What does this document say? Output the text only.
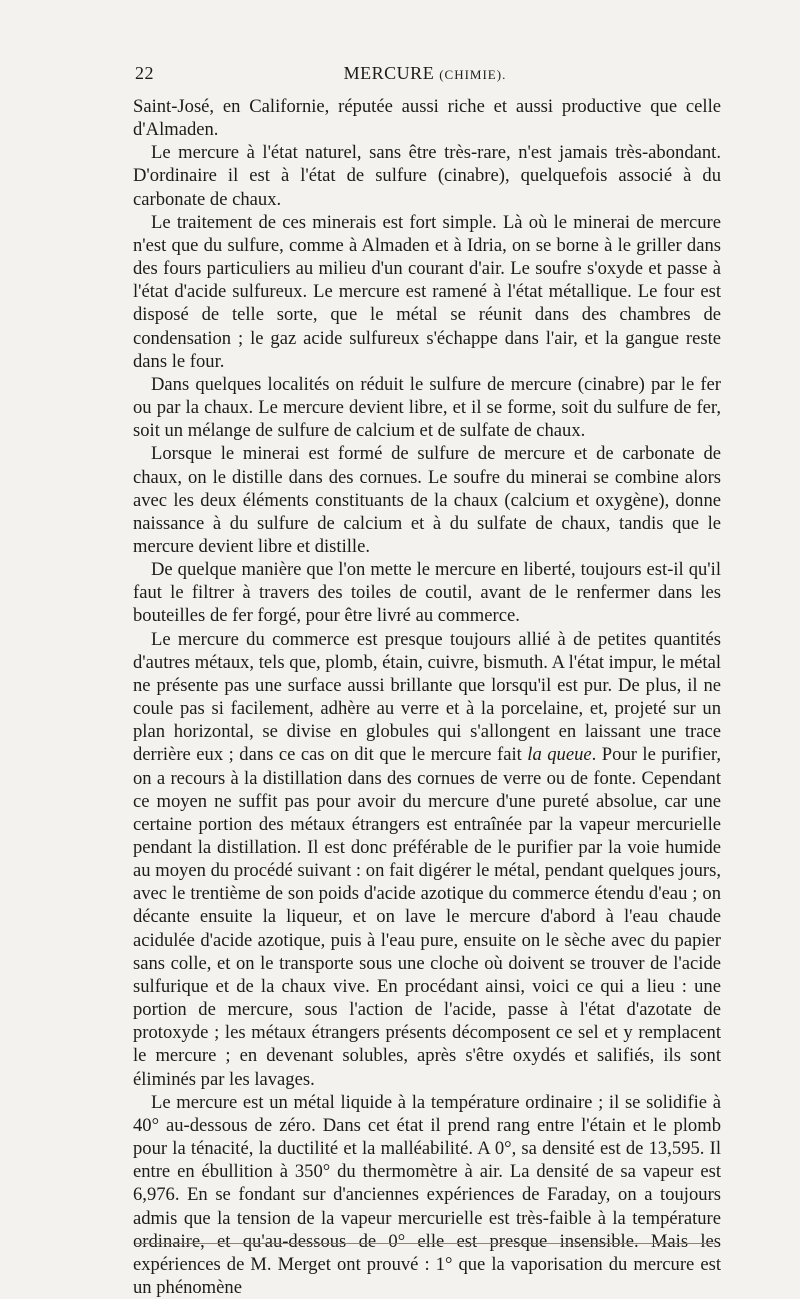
22	MERCURE (CHIMIE).

Saint-José, en Californie, réputée aussi riche et aussi productive que celle d'Almaden.

Le mercure à l'état naturel, sans être très-rare, n'est jamais très-abondant. D'ordinaire il est à l'état de sulfure (cinabre), quelquefois associé à du carbonate de chaux.

Le traitement de ces minerais est fort simple. Là où le minerai de mercure n'est que du sulfure, comme à Almaden et à Idria, on se borne à le griller dans des fours particuliers au milieu d'un courant d'air. Le soufre s'oxyde et passe à l'état d'acide sulfureux. Le mercure est ramené à l'état métallique. Le four est disposé de telle sorte, que le métal se réunit dans des chambres de condensation ; le gaz acide sulfureux s'échappe dans l'air, et la gangue reste dans le four.

Dans quelques localités on réduit le sulfure de mercure (cinabre) par le fer ou par la chaux. Le mercure devient libre, et il se forme, soit du sulfure de fer, soit un mélange de sulfure de calcium et de sulfate de chaux.

Lorsque le minerai est formé de sulfure de mercure et de carbonate de chaux, on le distille dans des cornues. Le soufre du minerai se combine alors avec les deux éléments constituants de la chaux (calcium et oxygène), donne naissance à du sulfure de calcium et à du sulfate de chaux, tandis que le mercure devient libre et distille.

De quelque manière que l'on mette le mercure en liberté, toujours est-il qu'il faut le filtrer à travers des toiles de coutil, avant de le renfermer dans les bouteilles de fer forgé, pour être livré au commerce.

Le mercure du commerce est presque toujours allié à de petites quantités d'autres métaux, tels que, plomb, étain, cuivre, bismuth. A l'état impur, le métal ne présente pas une surface aussi brillante que lorsqu'il est pur. De plus, il ne coule pas si facilement, adhère au verre et à la porcelaine, et, projeté sur un plan horizontal, se divise en globules qui s'allongent en laissant une trace derrière eux ; dans ce cas on dit que le mercure fait la queue. Pour le purifier, on a recours à la distillation dans des cornues de verre ou de fonte. Cependant ce moyen ne suffit pas pour avoir du mercure d'une pureté absolue, car une certaine portion des métaux étrangers est entraînée par la vapeur mercurielle pendant la distillation. Il est donc préférable de le purifier par la voie humide au moyen du procédé suivant : on fait digérer le métal, pendant quelques jours, avec le trentième de son poids d'acide azotique du commerce étendu d'eau ; on décante ensuite la liqueur, et on lave le mercure d'abord à l'eau chaude acidulée d'acide azotique, puis à l'eau pure, ensuite on le sèche avec du papier sans colle, et on le transporte sous une cloche où doivent se trouver de l'acide sulfurique et de la chaux vive. En procédant ainsi, voici ce qui a lieu : une portion de mercure, sous l'action de l'acide, passe à l'état d'azotate de protoxyde ; les métaux étrangers présents décomposent ce sel et y remplacent le mercure ; en devenant solubles, après s'être oxydés et salifiés, ils sont éliminés par les lavages.

Le mercure est un métal liquide à la température ordinaire ; il se solidifie à 40° au-dessous de zéro. Dans cet état il prend rang entre l'étain et le plomb pour la ténacité, la ductilité et la malléabilité. A 0°, sa densité est de 13,595. Il entre en ébullition à 350° du thermomètre à air. La densité de sa vapeur est 6,976. En se fondant sur d'anciennes expériences de Faraday, on a toujours admis que la tension de la vapeur mercurielle est très-faible à la température ordinaire, et qu'au-dessous de 0° elle est presque insensible. Mais les expériences de M. Merget ont prouvé : 1° que la vaporisation du mercure est un phénomène
